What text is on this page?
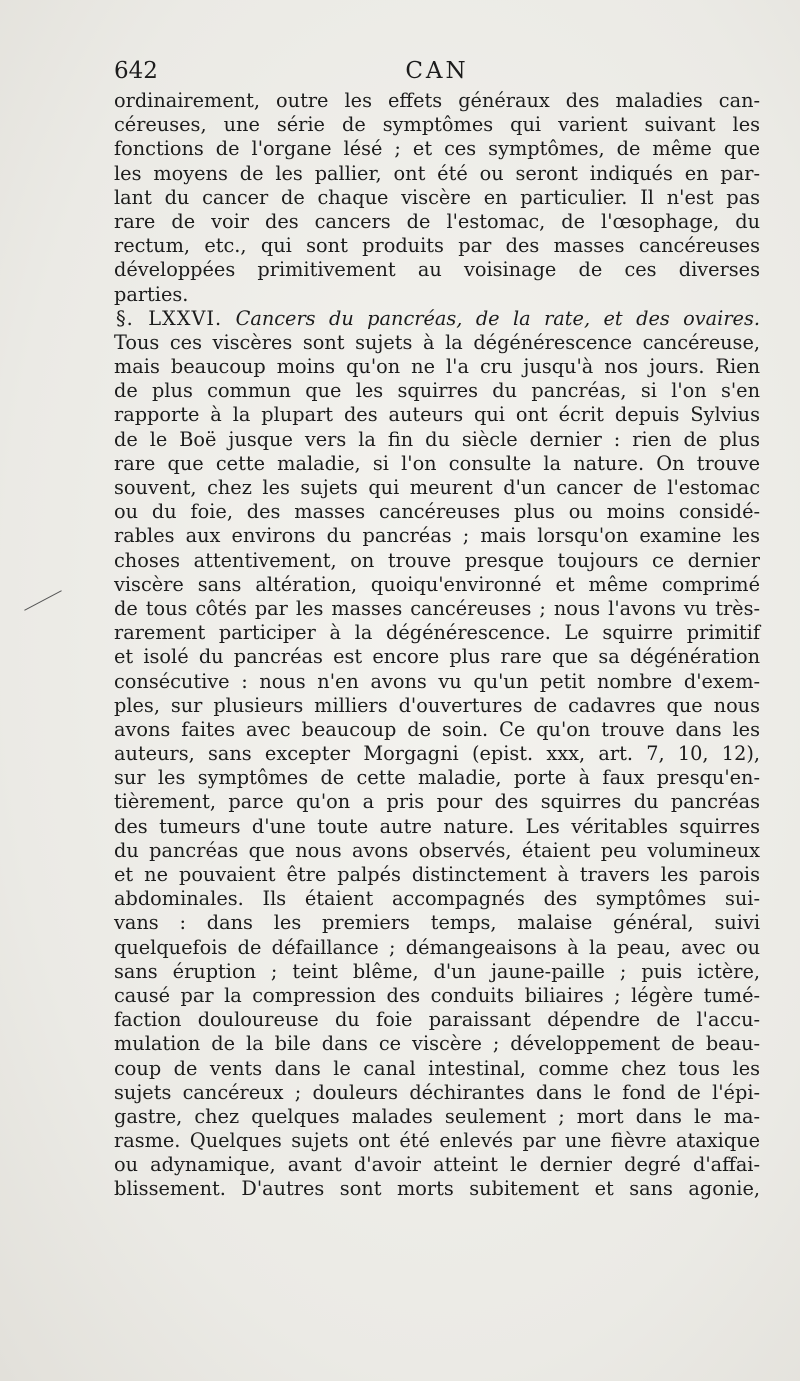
642	CAN
ordinairement, outre les effets généraux des maladies can-
céreuses, une série de symptômes qui varient suivant les
fonctions de l'organe lésé ; et ces symptômes, de même que
les moyens de les pallier, ont été ou seront indiqués en par-
lant du cancer de chaque viscère en particulier. Il n'est pas
rare de voir des cancers de l'estomac, de l'œsophage, du
rectum, etc., qui sont produits par des masses cancéreuses
développées primitivement au voisinage de ces diverses
parties.
§. LXXVI. Cancers du pancréas, de la rate, et des ovaires.
Tous ces viscères sont sujets à la dégénérescence cancéreuse,
mais beaucoup moins qu'on ne l'a cru jusqu'à nos jours. Rien
de plus commun que les squirres du pancréas, si l'on s'en
rapporte à la plupart des auteurs qui ont écrit depuis Sylvius
de le Boë jusque vers la fin du siècle dernier : rien de plus
rare que cette maladie, si l'on consulte la nature. On trouve
souvent, chez les sujets qui meurent d'un cancer de l'estomac
ou du foie, des masses cancéreuses plus ou moins considé-
rables aux environs du pancréas ; mais lorsqu'on examine les
choses attentivement, on trouve presque toujours ce dernier
viscère sans altération, quoiqu'environné et même comprimé
de tous côtés par les masses cancéreuses ; nous l'avons vu très-
rarement participer à la dégénérescence. Le squirre primitif
et isolé du pancréas est encore plus rare que sa dégénération
consécutive : nous n'en avons vu qu'un petit nombre d'exem-
ples, sur plusieurs milliers d'ouvertures de cadavres que nous
avons faites avec beaucoup de soin. Ce qu'on trouve dans les
auteurs, sans excepter Morgagni (epist. xxx, art. 7, 10, 12),
sur les symptômes de cette maladie, porte à faux presqu'en-
tièrement, parce qu'on a pris pour des squirres du pancréas
des tumeurs d'une toute autre nature. Les véritables squirres
du pancréas que nous avons observés, étaient peu volumineux
et ne pouvaient être palpés distinctement à travers les parois
abdominales. Ils étaient accompagnés des symptômes sui-
vans : dans les premiers temps, malaise général, suivi
quelquefois de défaillance ; démangeaisons à la peau, avec ou
sans éruption ; teint blême, d'un jaune-paille ; puis ictère,
causé par la compression des conduits biliaires ; légère tumé-
faction douloureuse du foie paraissant dépendre de l'accu-
mulation de la bile dans ce viscère ; développement de beau-
coup de vents dans le canal intestinal, comme chez tous les
sujets cancéreux ; douleurs déchirantes dans le fond de l'épi-
gastre, chez quelques malades seulement ; mort dans le ma-
rasme. Quelques sujets ont été enlevés par une fièvre ataxique
ou adynamique, avant d'avoir atteint le dernier degré d'affai-
blissement. D'autres sont morts subitement et sans agonie,
